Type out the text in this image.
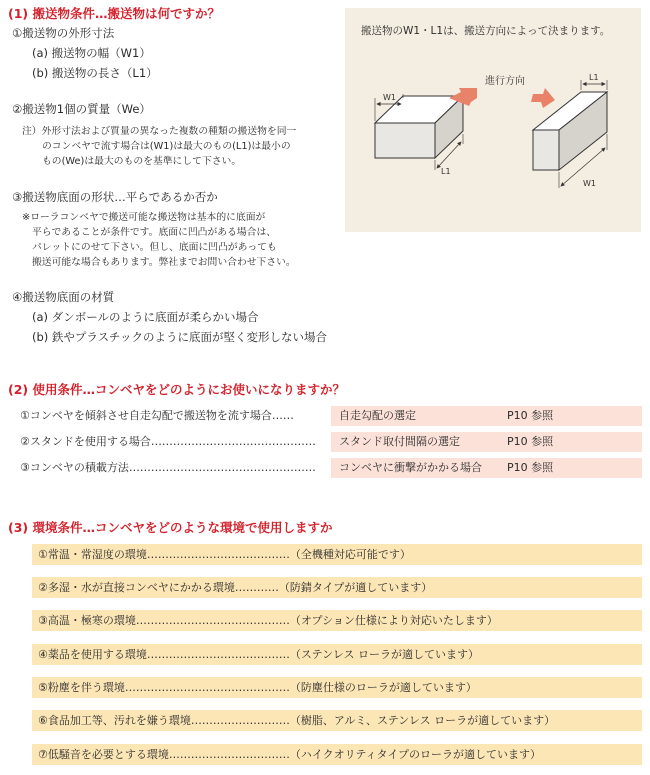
(1) 搬送物条件…搬送物は何ですか？
①搬送物の外形寸法
(a) 搬送物の幅（W1）
(b) 搬送物の長さ（L1）
②搬送物1個の質量（We）
注）外形寸法および質量の異なった複数の種類の搬送物を同一
のコンベヤで流す場合は(W1)は最大のもの(L1)は最小の
もの(We)は最大のものを基準にして下さい。
③搬送物底面の形状…平らであるか否か
※ローラコンベヤで搬送可能な搬送物は基本的に底面が
平らであることが条件です。底面に凹凸がある場合は、
パレットにのせて下さい。但し、底面に凹凸があっても
搬送可能な場合もあります。弊社までお問い合わせ下さい。
④搬送物底面の材質
(a) ダンボールのように底面が柔らかい場合
(b) 鉄やプラスチックのように底面が堅く変形しない場合
搬送物のW1・L1は、搬送方向によって決まります。
W1
L1
進行方向	L1
W1
(2) 使用条件…コンベヤをどのようにお使いになりますか？
①コンベヤを傾斜させ自走勾配で搬送物を流す場合……	自走勾配の選定	P10 参照
②スタンドを使用する場合……………………………………… スタンド取付間隔の選定	P10 参照
③コンベヤの積載方法…………………………………………… コンベヤに衝撃がかかる場合 P10 参照
(3) 環境条件…コンベヤをどのような環境で使用しますか
①常温・常湿度の環境…………………………………（全機種対応可能です）
②多湿・水が直接コンベヤにかかる環境…………（防錆タイプが適しています）
③高温・極寒の環境……………………………………（オプション仕様により対応いたします）
④薬品を使用する環境…………………………………（ステンレス ローラが適しています）
⑤粉塵を伴う環境………………………………………（防塵仕様のローラが適しています）
⑥食品加工等、汚れを嫌う環境………………………（樹脂、アルミ、ステンレス ローラが適しています）
⑦低騒音を必要とする環境……………………………（ハイクオリティタイプのローラが適しています）
